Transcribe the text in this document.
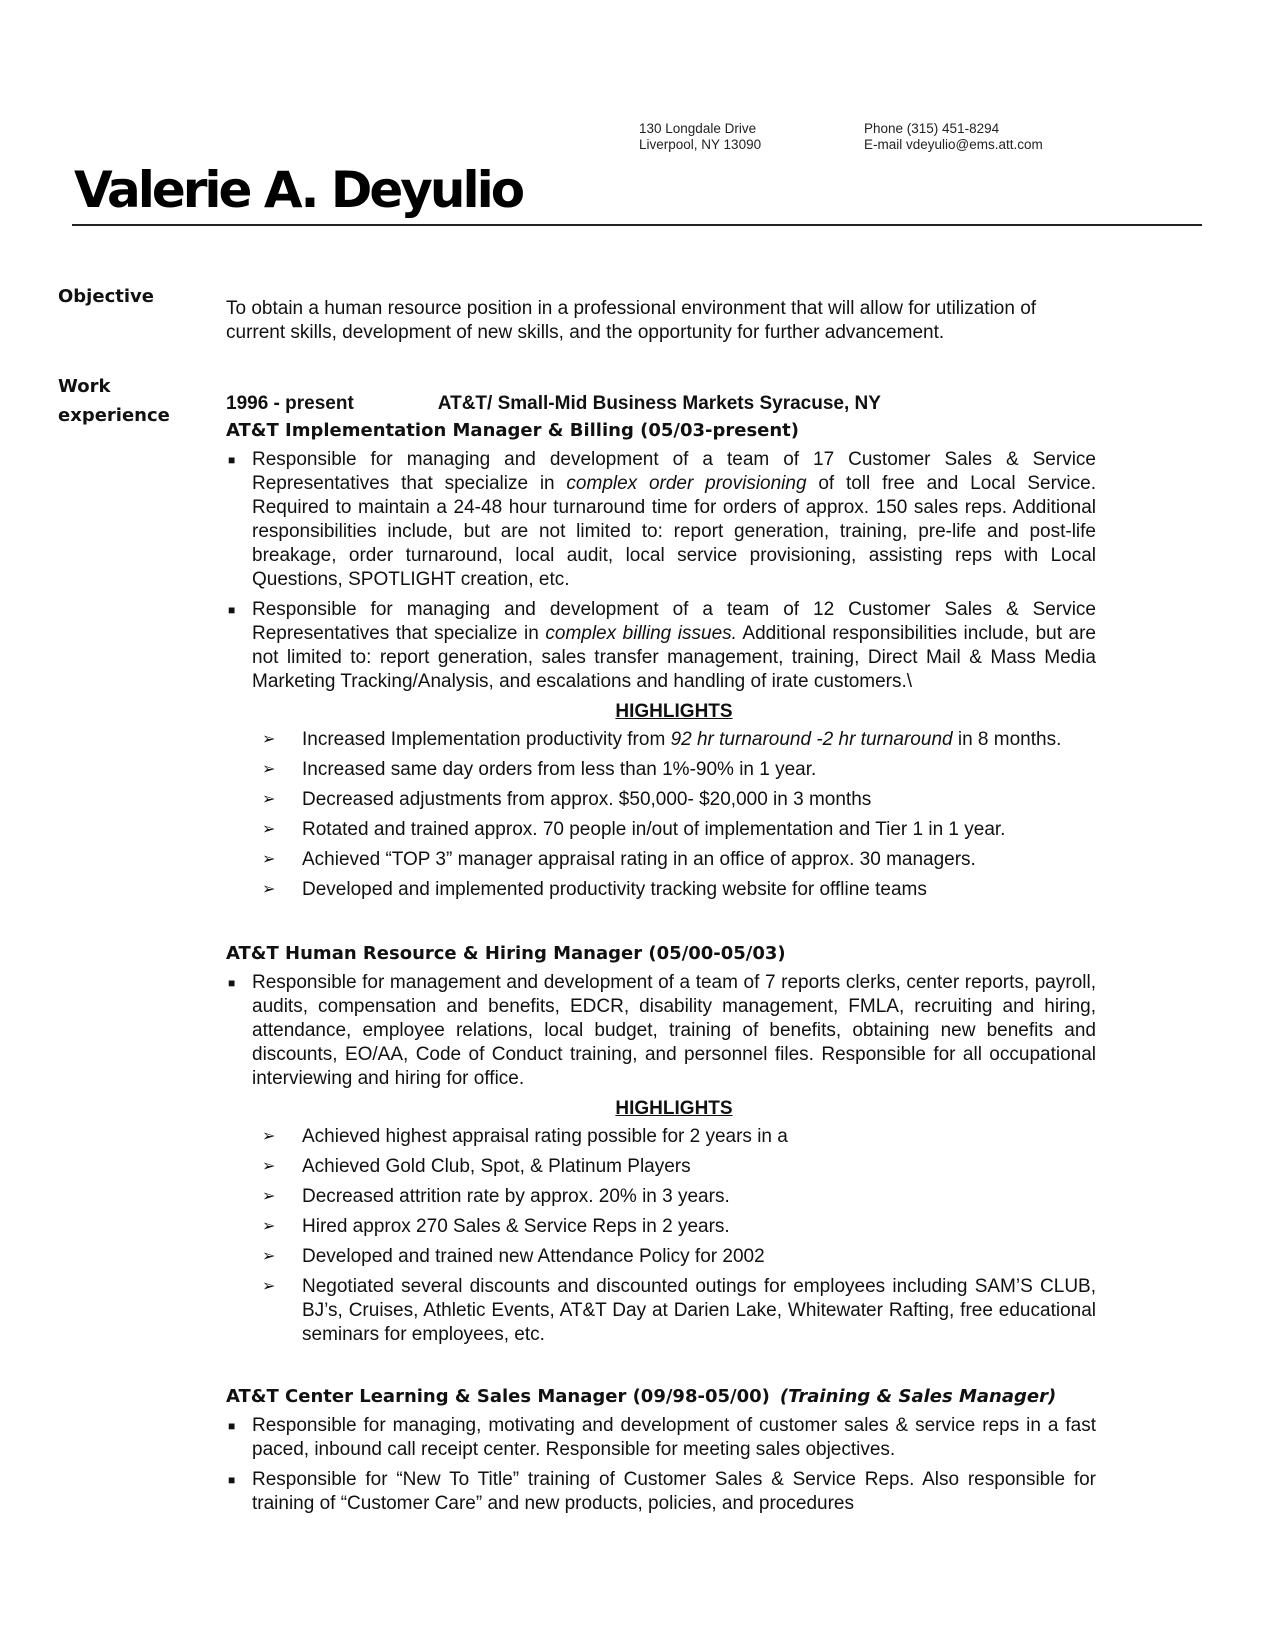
130 Longdale Drive
Liverpool, NY 13090
Phone (315) 451-8294
E-mail vdeyulio@ems.att.com
Valerie A. Deyulio
Objective
To obtain a human resource position in a professional environment that will allow for utilization of current skills, development of new skills, and the opportunity for further advancement.
Work
experience
1996 - present	AT&T/ Small-Mid Business Markets Syracuse, NY
AT&T Implementation Manager & Billing (05/03-present)
■ Responsible for managing and development of a team of 17 Customer Sales & Service Representatives that specialize in complex order provisioning of toll free and Local Service. Required to maintain a 24-48 hour turnaround time for orders of approx. 150 sales reps. Additional responsibilities include, but are not limited to: report generation, training, pre-life and post-life breakage, order turnaround, local audit, local service provisioning, assisting reps with Local Questions, SPOTLIGHT creation, etc.
■ Responsible for managing and development of a team of 12 Customer Sales & Service Representatives that specialize in complex billing issues. Additional responsibilities include, but are not limited to: report generation, sales transfer management, training, Direct Mail & Mass Media Marketing Tracking/Analysis, and escalations and handling of irate customers.\
HIGHLIGHTS
➢ Increased Implementation productivity from 92 hr turnaround -2 hr turnaround in 8 months.
➢ Increased same day orders from less than 1%-90% in 1 year.
➢ Decreased adjustments from approx. $50,000- $20,000 in 3 months
➢ Rotated and trained approx. 70 people in/out of implementation and Tier 1 in 1 year.
➢ Achieved “TOP 3” manager appraisal rating in an office of approx. 30 managers.
➢ Developed and implemented productivity tracking website for offline teams
AT&T Human Resource & Hiring Manager (05/00-05/03)
■ Responsible for management and development of a team of 7 reports clerks, center reports, payroll, audits, compensation and benefits, EDCR, disability management, FMLA, recruiting and hiring, attendance, employee relations, local budget, training of benefits, obtaining new benefits and discounts, EO/AA, Code of Conduct training, and personnel files. Responsible for all occupational interviewing and hiring for office.
HIGHLIGHTS
➢ Achieved highest appraisal rating possible for 2 years in a
➢ Achieved Gold Club, Spot, & Platinum Players
➢ Decreased attrition rate by approx. 20% in 3 years.
➢ Hired approx 270 Sales & Service Reps in 2 years.
➢ Developed and trained new Attendance Policy for 2002
➢ Negotiated several discounts and discounted outings for employees including SAM’S CLUB, BJ’s, Cruises, Athletic Events, AT&T Day at Darien Lake, Whitewater Rafting, free educational seminars for employees, etc.
AT&T Center Learning & Sales Manager (09/98-05/00) (Training & Sales Manager)
■ Responsible for managing, motivating and development of customer sales & service reps in a fast paced, inbound call receipt center. Responsible for meeting sales objectives.
■ Responsible for “New To Title” training of Customer Sales & Service Reps. Also responsible for training of “Customer Care” and new products, policies, and procedures
